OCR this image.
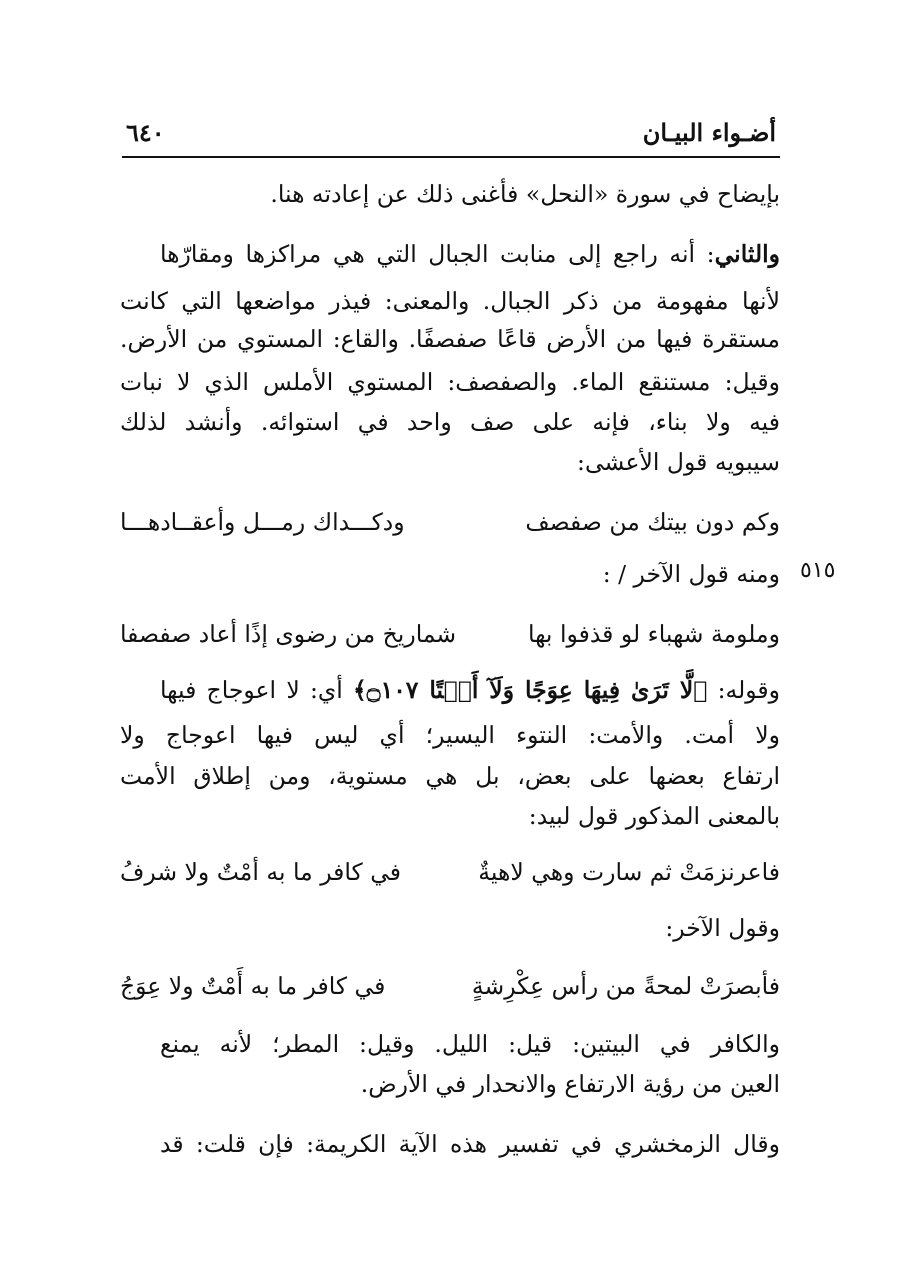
أضـواء البيـان
٦٤٠
٥١٥
بإيضاح في سورة «النحل» فأغنى ذلك عن إعادته هنا.
والثاني: أنه راجع إلى منابت الجبال التي هي مراكزها ومقارّها
لأنها مفهومة من ذكر الجبال. والمعنى: فيذر مواضعها التي كانت
مستقرة فيها من الأرض قاعًا صفصفًا. والقاع: المستوي من الأرض.
وقيل: مستنقع الماء. والصفصف: المستوي الأملس الذي لا نبات
فيه ولا بناء، فإنه على صف واحد في استوائه. وأنشد لذلك
سيبويه قول الأعشى:
وكم دون بيتك من صفصف
ودكـــداك رمـــل وأعقــادهـــا
ومنه قول الآخر / :
وملومة شهباء لو قذفوا بها
شماريخ من رضوى إذًا أعاد صفصفا
وقوله: ﴿لَّا تَرَىٰ فِيهَا عِوَجًا وَلَآ أَمۡتًا ۝١٠٧﴾ أي: لا اعوجاج فيها
ولا أمت. والأمت: النتوء اليسير؛ أي ليس فيها اعوجاج ولا
ارتفاع بعضها على بعض، بل هي مستوية، ومن إطلاق الأمت
بالمعنى المذكور قول لبيد:
فاعرنزمَتْ ثم سارت وهي لاهيةٌ
في كافر ما به أمْتٌ ولا شرفُ
وقول الآخر:
فأبصرَتْ لمحةً من رأس عِكْرِشةٍ
في كافر ما به أَمْتٌ ولا عِوَجُ
والكافر في البيتين: قيل: الليل. وقيل: المطر؛ لأنه يمنع
العين من رؤية الارتفاع والانحدار في الأرض.
وقال الزمخشري في تفسير هذه الآية الكريمة: فإن قلت: قد
